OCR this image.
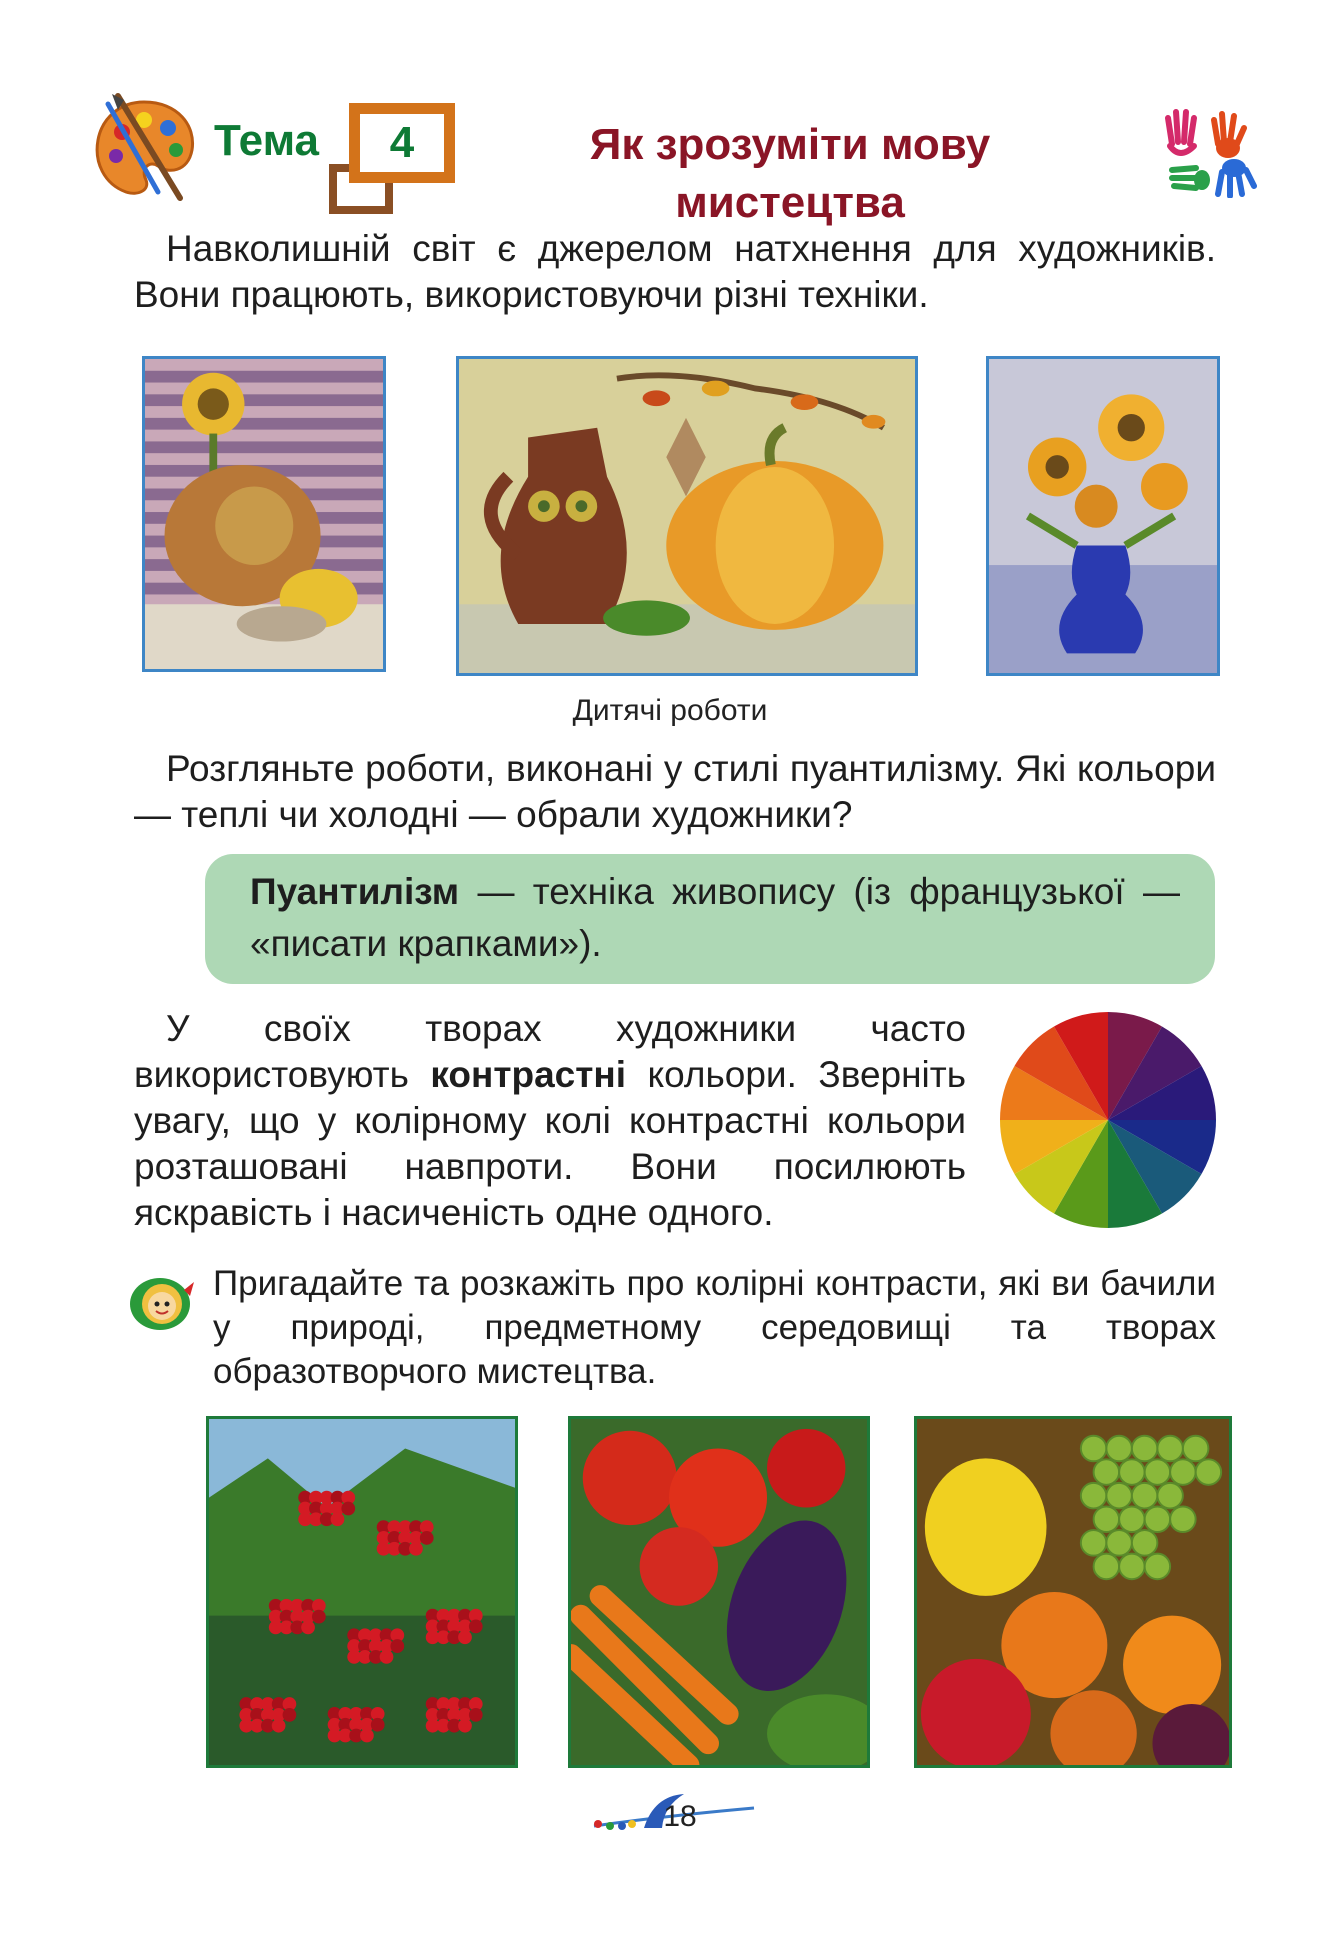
Тема	4	Як зрозуміти мову мистецтва
Навколишній світ є джерелом натхнення для художників. Вони працюють, використовуючи різні техніки.
Дитячі роботи
Розгляньте роботи, виконані у стилі пуантилізму. Які кольори — теплі чи холодні — обрали художники?
Пуантилізм — техніка живопису (із французької — «писати крапками»).
У своїх творах художники часто використовують контрастні кольори. Зверніть увагу, що у колірному колі контрастні кольори розташовані навпроти. Вони посилюють яскравість і насиченість одне одного.
Пригадайте та розкажіть про колірні контрасти, які ви бачили у природі, предметному середовищі та творах образотворчого мистецтва.
18
